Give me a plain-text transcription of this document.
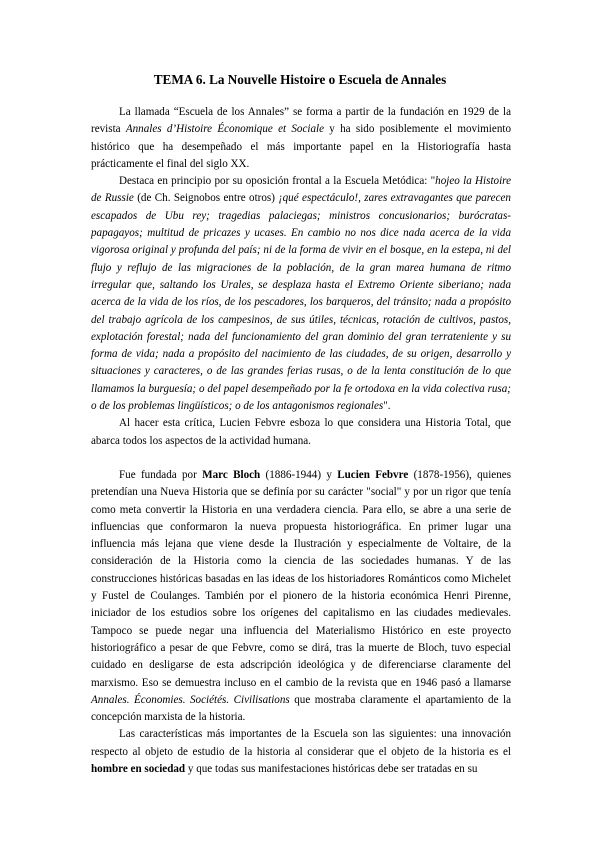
TEMA 6. La Nouvelle Histoire o Escuela de Annales

La llamada “Escuela de los Annales” se forma a partir de la fundación en 1929 de la revista Annales d’Histoire Économique et Sociale y ha sido posiblemente el movimiento histórico que ha desempeñado el más importante papel en la Historiografía hasta prácticamente el final del siglo XX.

Destaca en principio por su oposición frontal a la Escuela Metódica: "hojeo la Histoire de Russie (de Ch. Seignobos entre otros) ¡qué espectáculo!, zares extravagantes que parecen escapados de Ubu rey; tragedias palaciegas; ministros concusionarios; burócratas-papagayos; multitud de pricazes y ucases. En cambio no nos dice nada acerca de la vida vigorosa original y profunda del país; ni de la forma de vivir en el bosque, en la estepa, ni del flujo y reflujo de las migraciones de la población, de la gran marea humana de ritmo irregular que, saltando los Urales, se desplaza hasta el Extremo Oriente siberiano; nada acerca de la vida de los ríos, de los pescadores, los barqueros, del tránsito; nada a propósito del trabajo agrícola de los campesinos, de sus útiles, técnicas, rotación de cultivos, pastos, explotación forestal; nada del funcionamiento del gran dominio del gran terrateniente y su forma de vida; nada a propósito del nacimiento de las ciudades, de su origen, desarrollo y situaciones y caracteres, o de las grandes ferias rusas, o de la lenta constitución de lo que llamamos la burguesía; o del papel desempeñado por la fe ortodoxa en la vida colectiva rusa; o de los problemas lingüísticos; o de los antagonismos regionales".

Al hacer esta crítica, Lucien Febvre esboza lo que considera una Historia Total, que abarca todos los aspectos de la actividad humana.

Fue fundada por Marc Bloch (1886-1944) y Lucien Febvre (1878-1956), quienes pretendían una Nueva Historia que se definía por su carácter "social" y por un rigor que tenía como meta convertir la Historia en una verdadera ciencia. Para ello, se abre a una serie de influencias que conformaron la nueva propuesta historiográfica. En primer lugar una influencia más lejana que viene desde la Ilustración y especialmente de Voltaire, de la consideración de la Historia como la ciencia de las sociedades humanas. Y de las construcciones históricas basadas en las ideas de los historiadores Románticos como Michelet y Fustel de Coulanges. También por el pionero de la historia económica Henri Pirenne, iniciador de los estudios sobre los orígenes del capitalismo en las ciudades medievales. Tampoco se puede negar una influencia del Materialismo Histórico en este proyecto historiográfico a pesar de que Febvre, como se dirá, tras la muerte de Bloch, tuvo especial cuidado en desligarse de esta adscripción ideológica y de diferenciarse claramente del marxismo. Eso se demuestra incluso en el cambio de la revista que en 1946 pasó a llamarse Annales. Économies. Sociétés. Civilisations que mostraba claramente el apartamiento de la concepción marxista de la historia.

Las características más importantes de la Escuela son las siguientes: una innovación respecto al objeto de estudio de la historia al considerar que el objeto de la historia es el hombre en sociedad y que todas sus manifestaciones históricas debe ser tratadas en su
